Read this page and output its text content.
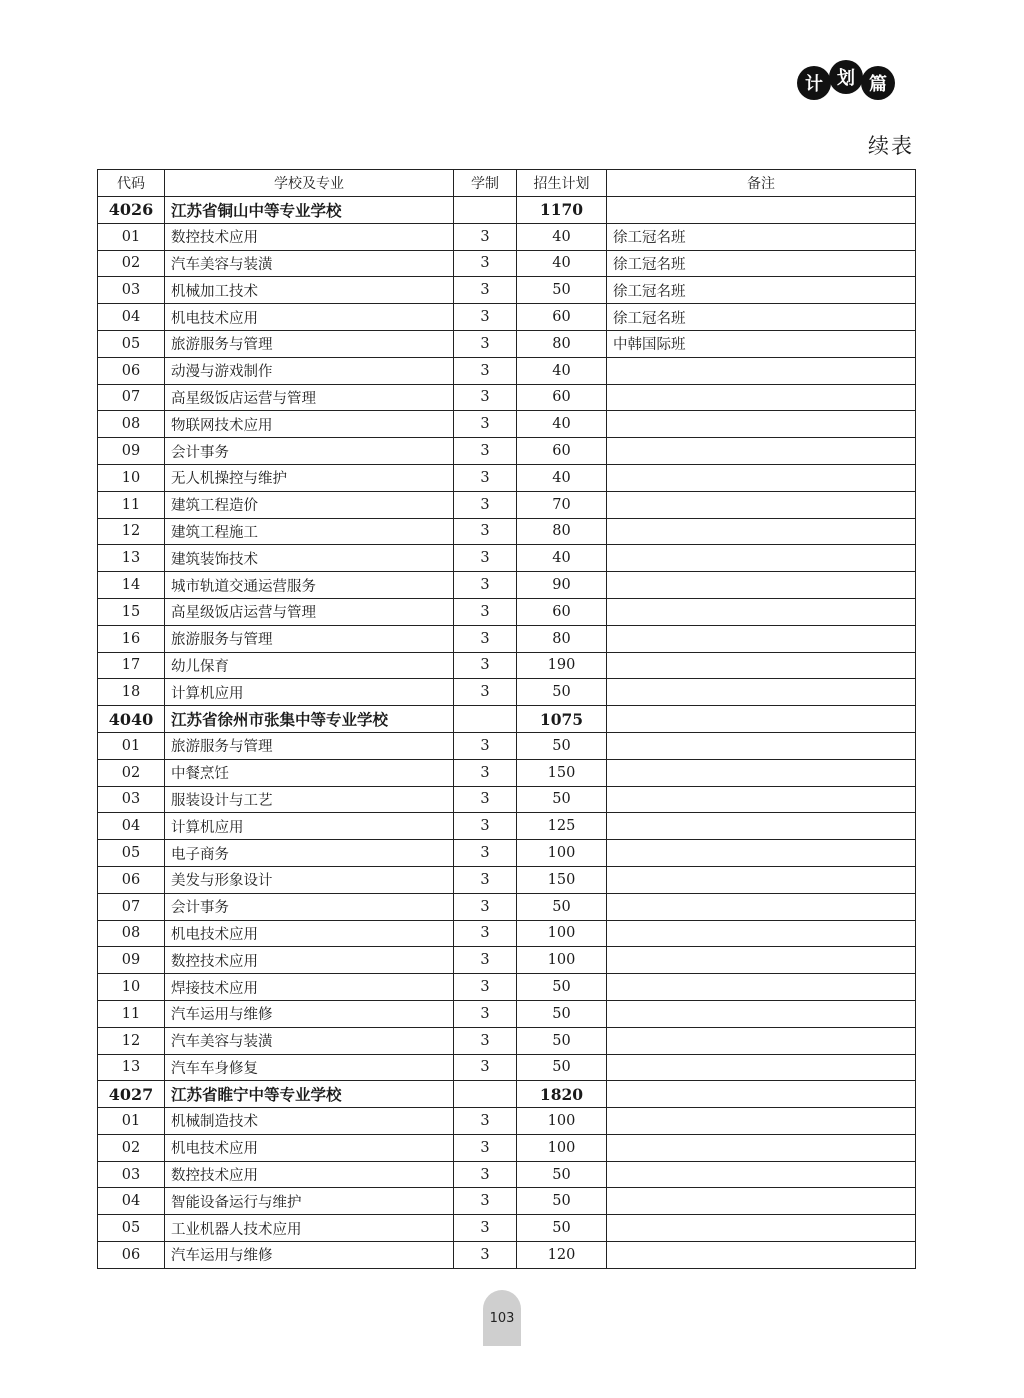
计 划 篇
续表
代码	学校及专业	学制	招生计划	备注
4026	江苏省铜山中等专业学校		1170	
01	数控技术应用	3	40	徐工冠名班
02	汽车美容与装潢	3	40	徐工冠名班
03	机械加工技术	3	50	徐工冠名班
04	机电技术应用	3	60	徐工冠名班
05	旅游服务与管理	3	80	中韩国际班
06	动漫与游戏制作	3	40	
07	高星级饭店运营与管理	3	60	
08	物联网技术应用	3	40	
09	会计事务	3	60	
10	无人机操控与维护	3	40	
11	建筑工程造价	3	70	
12	建筑工程施工	3	80	
13	建筑装饰技术	3	40	
14	城市轨道交通运营服务	3	90	
15	高星级饭店运营与管理	3	60	
16	旅游服务与管理	3	80	
17	幼儿保育	3	190	
18	计算机应用	3	50	
4040	江苏省徐州市张集中等专业学校		1075	
01	旅游服务与管理	3	50	
02	中餐烹饪	3	150	
03	服装设计与工艺	3	50	
04	计算机应用	3	125	
05	电子商务	3	100	
06	美发与形象设计	3	150	
07	会计事务	3	50	
08	机电技术应用	3	100	
09	数控技术应用	3	100	
10	焊接技术应用	3	50	
11	汽车运用与维修	3	50	
12	汽车美容与装潢	3	50	
13	汽车车身修复	3	50	
4027	江苏省睢宁中等专业学校		1820	
01	机械制造技术	3	100	
02	机电技术应用	3	100	
03	数控技术应用	3	50	
04	智能设备运行与维护	3	50	
05	工业机器人技术应用	3	50	
06	汽车运用与维修	3	120	
103
